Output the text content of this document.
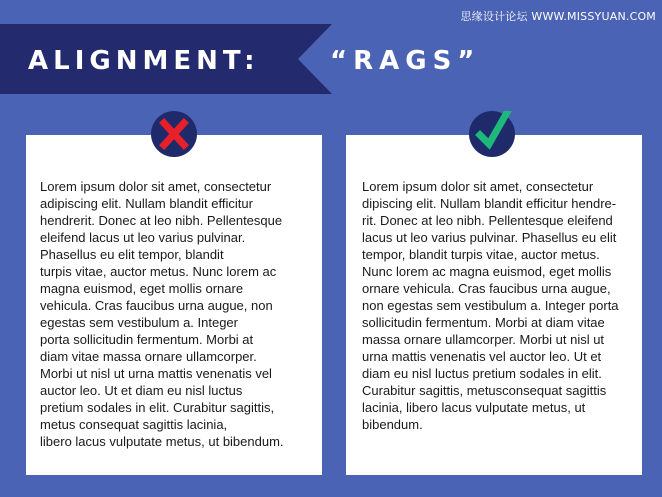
思缘设计论坛 WWW.MISSYUAN.COM
ALIGNMENT:	“RAGS”

Lorem ipsum dolor sit amet, consectetur
adipiscing elit. Nullam blandit efficitur
hendrerit. Donec at leo nibh. Pellentesque
eleifend lacus ut leo varius pulvinar.
Phasellus eu elit tempor, blandit
turpis vitae, auctor metus. Nunc lorem ac
magna euismod, eget mollis ornare
vehicula. Cras faucibus urna augue, non
egestas sem vestibulum a. Integer
porta sollicitudin fermentum. Morbi at
diam vitae massa ornare ullamcorper.
Morbi ut nisl ut urna mattis venenatis vel
auctor leo. Ut et diam eu nisl luctus
pretium sodales in elit. Curabitur sagittis,
metus consequat sagittis lacinia,
libero lacus vulputate metus, ut bibendum.

Lorem ipsum dolor sit amet, consectetur
dipiscing elit. Nullam blandit efficitur hendre-
rit. Donec at leo nibh. Pellentesque eleifend
lacus ut leo varius pulvinar. Phasellus eu elit
tempor, blandit turpis vitae, auctor metus.
Nunc lorem ac magna euismod, eget mollis
ornare vehicula. Cras faucibus urna augue,
non egestas sem vestibulum a. Integer porta
sollicitudin fermentum. Morbi at diam vitae
massa ornare ullamcorper. Morbi ut nisl ut
urna mattis venenatis vel auctor leo. Ut et
diam eu nisl luctus pretium sodales in elit.
Curabitur sagittis, metusconsequat sagittis
lacinia, libero lacus vulputate metus, ut
bibendum.
